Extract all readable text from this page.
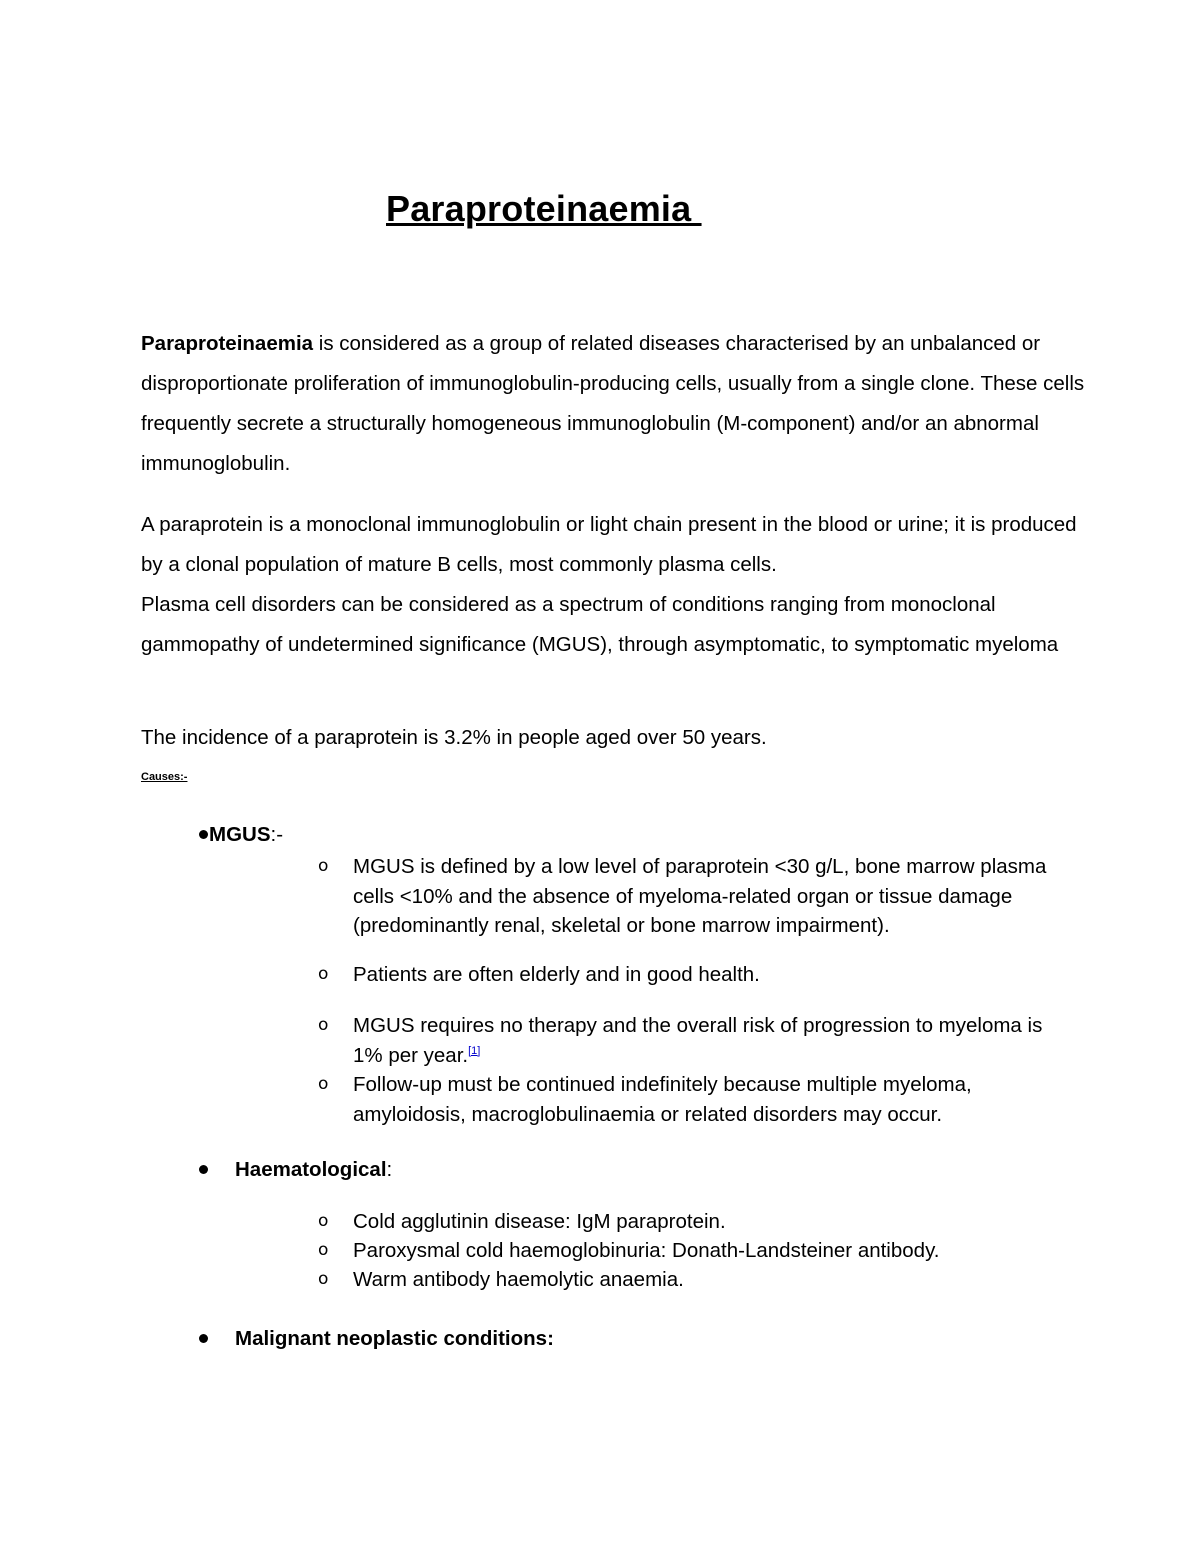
Paraproteinaemia
Paraproteinaemia is considered as a group of related diseases characterised by an unbalanced or disproportionate proliferation of immunoglobulin-producing cells, usually from a single clone. These cells frequently secrete a structurally homogeneous immunoglobulin (M-component) and/or an abnormal immunoglobulin.
A paraprotein is a monoclonal immunoglobulin or light chain present in the blood or urine; it is produced by a clonal population of mature B cells, most commonly plasma cells.
Plasma cell disorders can be considered as a spectrum of conditions ranging from monoclonal gammopathy of undetermined significance (MGUS), through asymptomatic, to symptomatic myeloma
The incidence of a paraprotein is 3.2% in people aged over 50 years.
Causes:-
MGUS:-
o MGUS is defined by a low level of paraprotein <30 g/L, bone marrow plasma cells <10% and the absence of myeloma-related organ or tissue damage (predominantly renal, skeletal or bone marrow impairment).
o Patients are often elderly and in good health.
o MGUS requires no therapy and the overall risk of progression to myeloma is 1% per year.[1]
o Follow-up must be continued indefinitely because multiple myeloma, amyloidosis, macroglobulinaemia or related disorders may occur.
Haematological:
o Cold agglutinin disease: IgM paraprotein.
o Paroxysmal cold haemoglobinuria: Donath-Landsteiner antibody.
o Warm antibody haemolytic anaemia.
Malignant neoplastic conditions:
